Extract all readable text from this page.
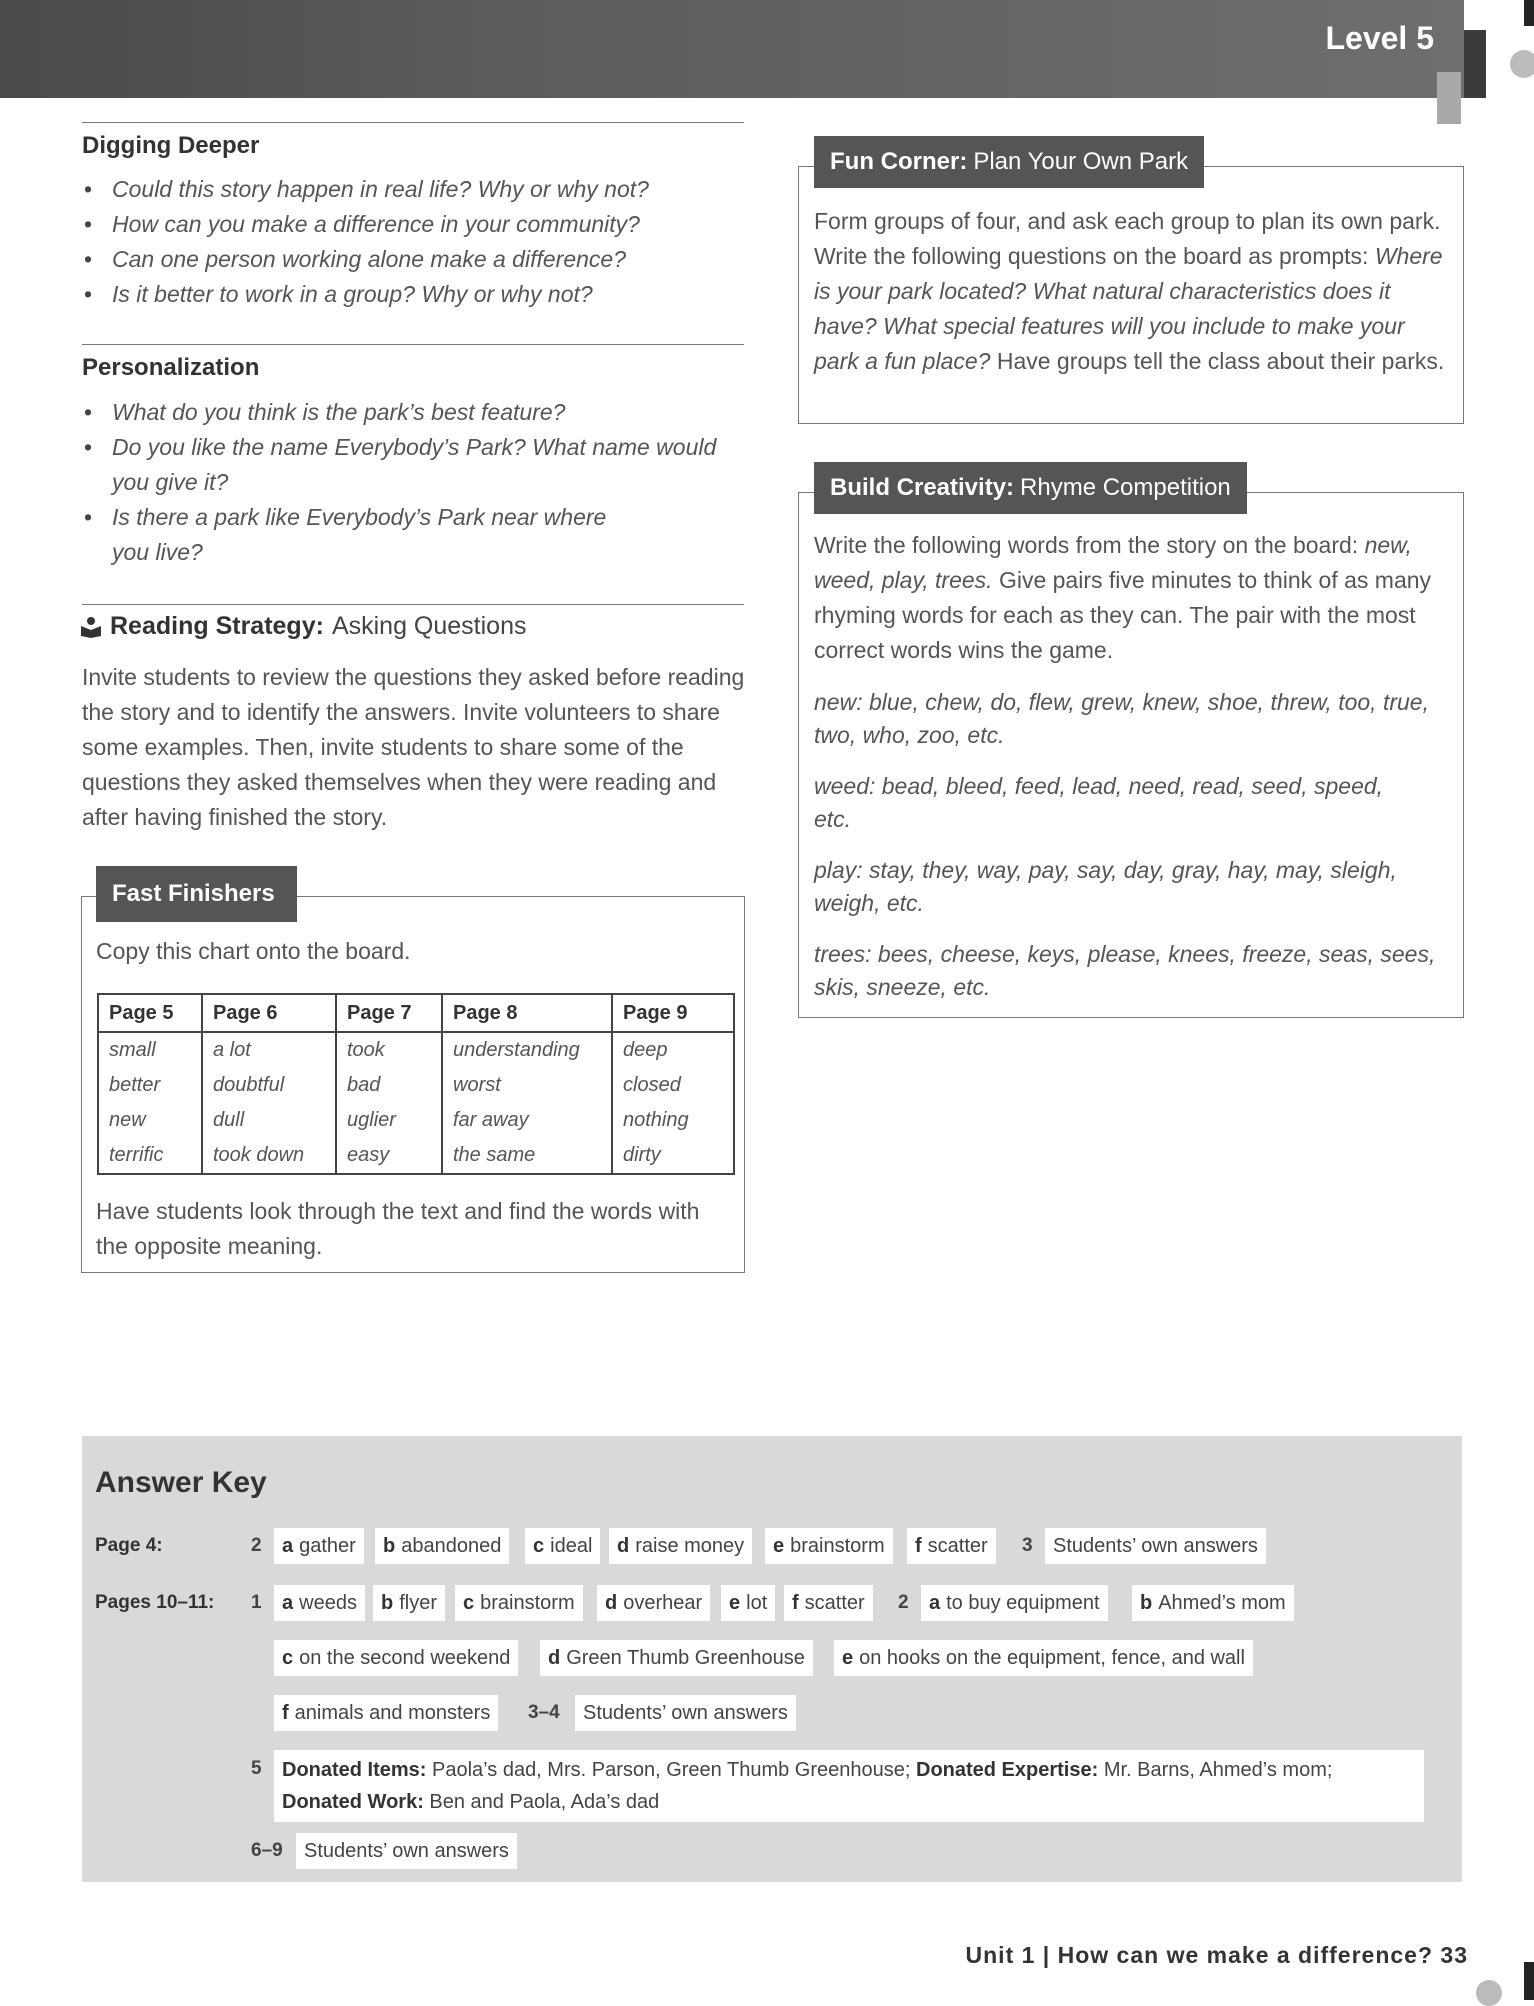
Level 5
Digging Deeper
• Could this story happen in real life? Why or why not?
• How can you make a difference in your community?
• Can one person working alone make a difference?
• Is it better to work in a group? Why or why not?
Personalization
• What do you think is the park’s best feature?
• Do you like the name Everybody’s Park? What name would you give it?
• Is there a park like Everybody’s Park near where you live?
Reading Strategy: Asking Questions

Invite students to review the questions they asked before reading the story and to identify the answers. Invite volunteers to share some examples. Then, invite students to share some of the questions they asked themselves when they were reading and after having finished the story.

Fast Finishers

Copy this chart onto the board.

Page 5	Page 6	Page 7	Page 8	Page 9
small	a lot	took	understanding	deep
better	doubtful	bad	worst	closed
new	dull	uglier	far away	nothing
terrific	took down	easy	the same	dirty

Have students look through the text and find the words with the opposite meaning.

Fun Corner: Plan Your Own Park

Form groups of four, and ask each group to plan its own park. Write the following questions on the board as prompts: Where is your park located? What natural characteristics does it have? What special features will you include to make your park a fun place? Have groups tell the class about their parks.

Build Creativity: Rhyme Competition

Write the following words from the story on the board: new, weed, play, trees. Give pairs five minutes to think of as many rhyming words for each as they can. The pair with the most correct words wins the game.

new: blue, chew, do, flew, grew, knew, shoe, threw, too, true, two, who, zoo, etc.

weed: bead, bleed, feed, lead, need, read, seed, speed, etc.

play: stay, they, way, pay, say, day, gray, hay, may, sleigh, weigh, etc.

trees: bees, cheese, keys, please, knees, freeze, seas, sees, skis, sneeze, etc.

Answer Key
Page 4:	2	a gather	b abandoned	c ideal	d raise money	e brainstorm	f scatter	3	Students’ own answers
Pages 10–11: 1	a weeds	b flyer	c brainstorm	d overhear	e lot	f scatter	2	a to buy equipment	b Ahmed’s mom
c on the second weekend	d Green Thumb Greenhouse	e on hooks on the equipment, fence, and wall
f animals and monsters	3–4	Students’ own answers
5	Donated Items: Paola’s dad, Mrs. Parson, Green Thumb Greenhouse; Donated Expertise: Mr. Barns, Ahmed’s mom;
Donated Work: Ben and Paola, Ada’s dad
6–9	Students’ own answers
Unit 1 | How can we make a difference? 33
